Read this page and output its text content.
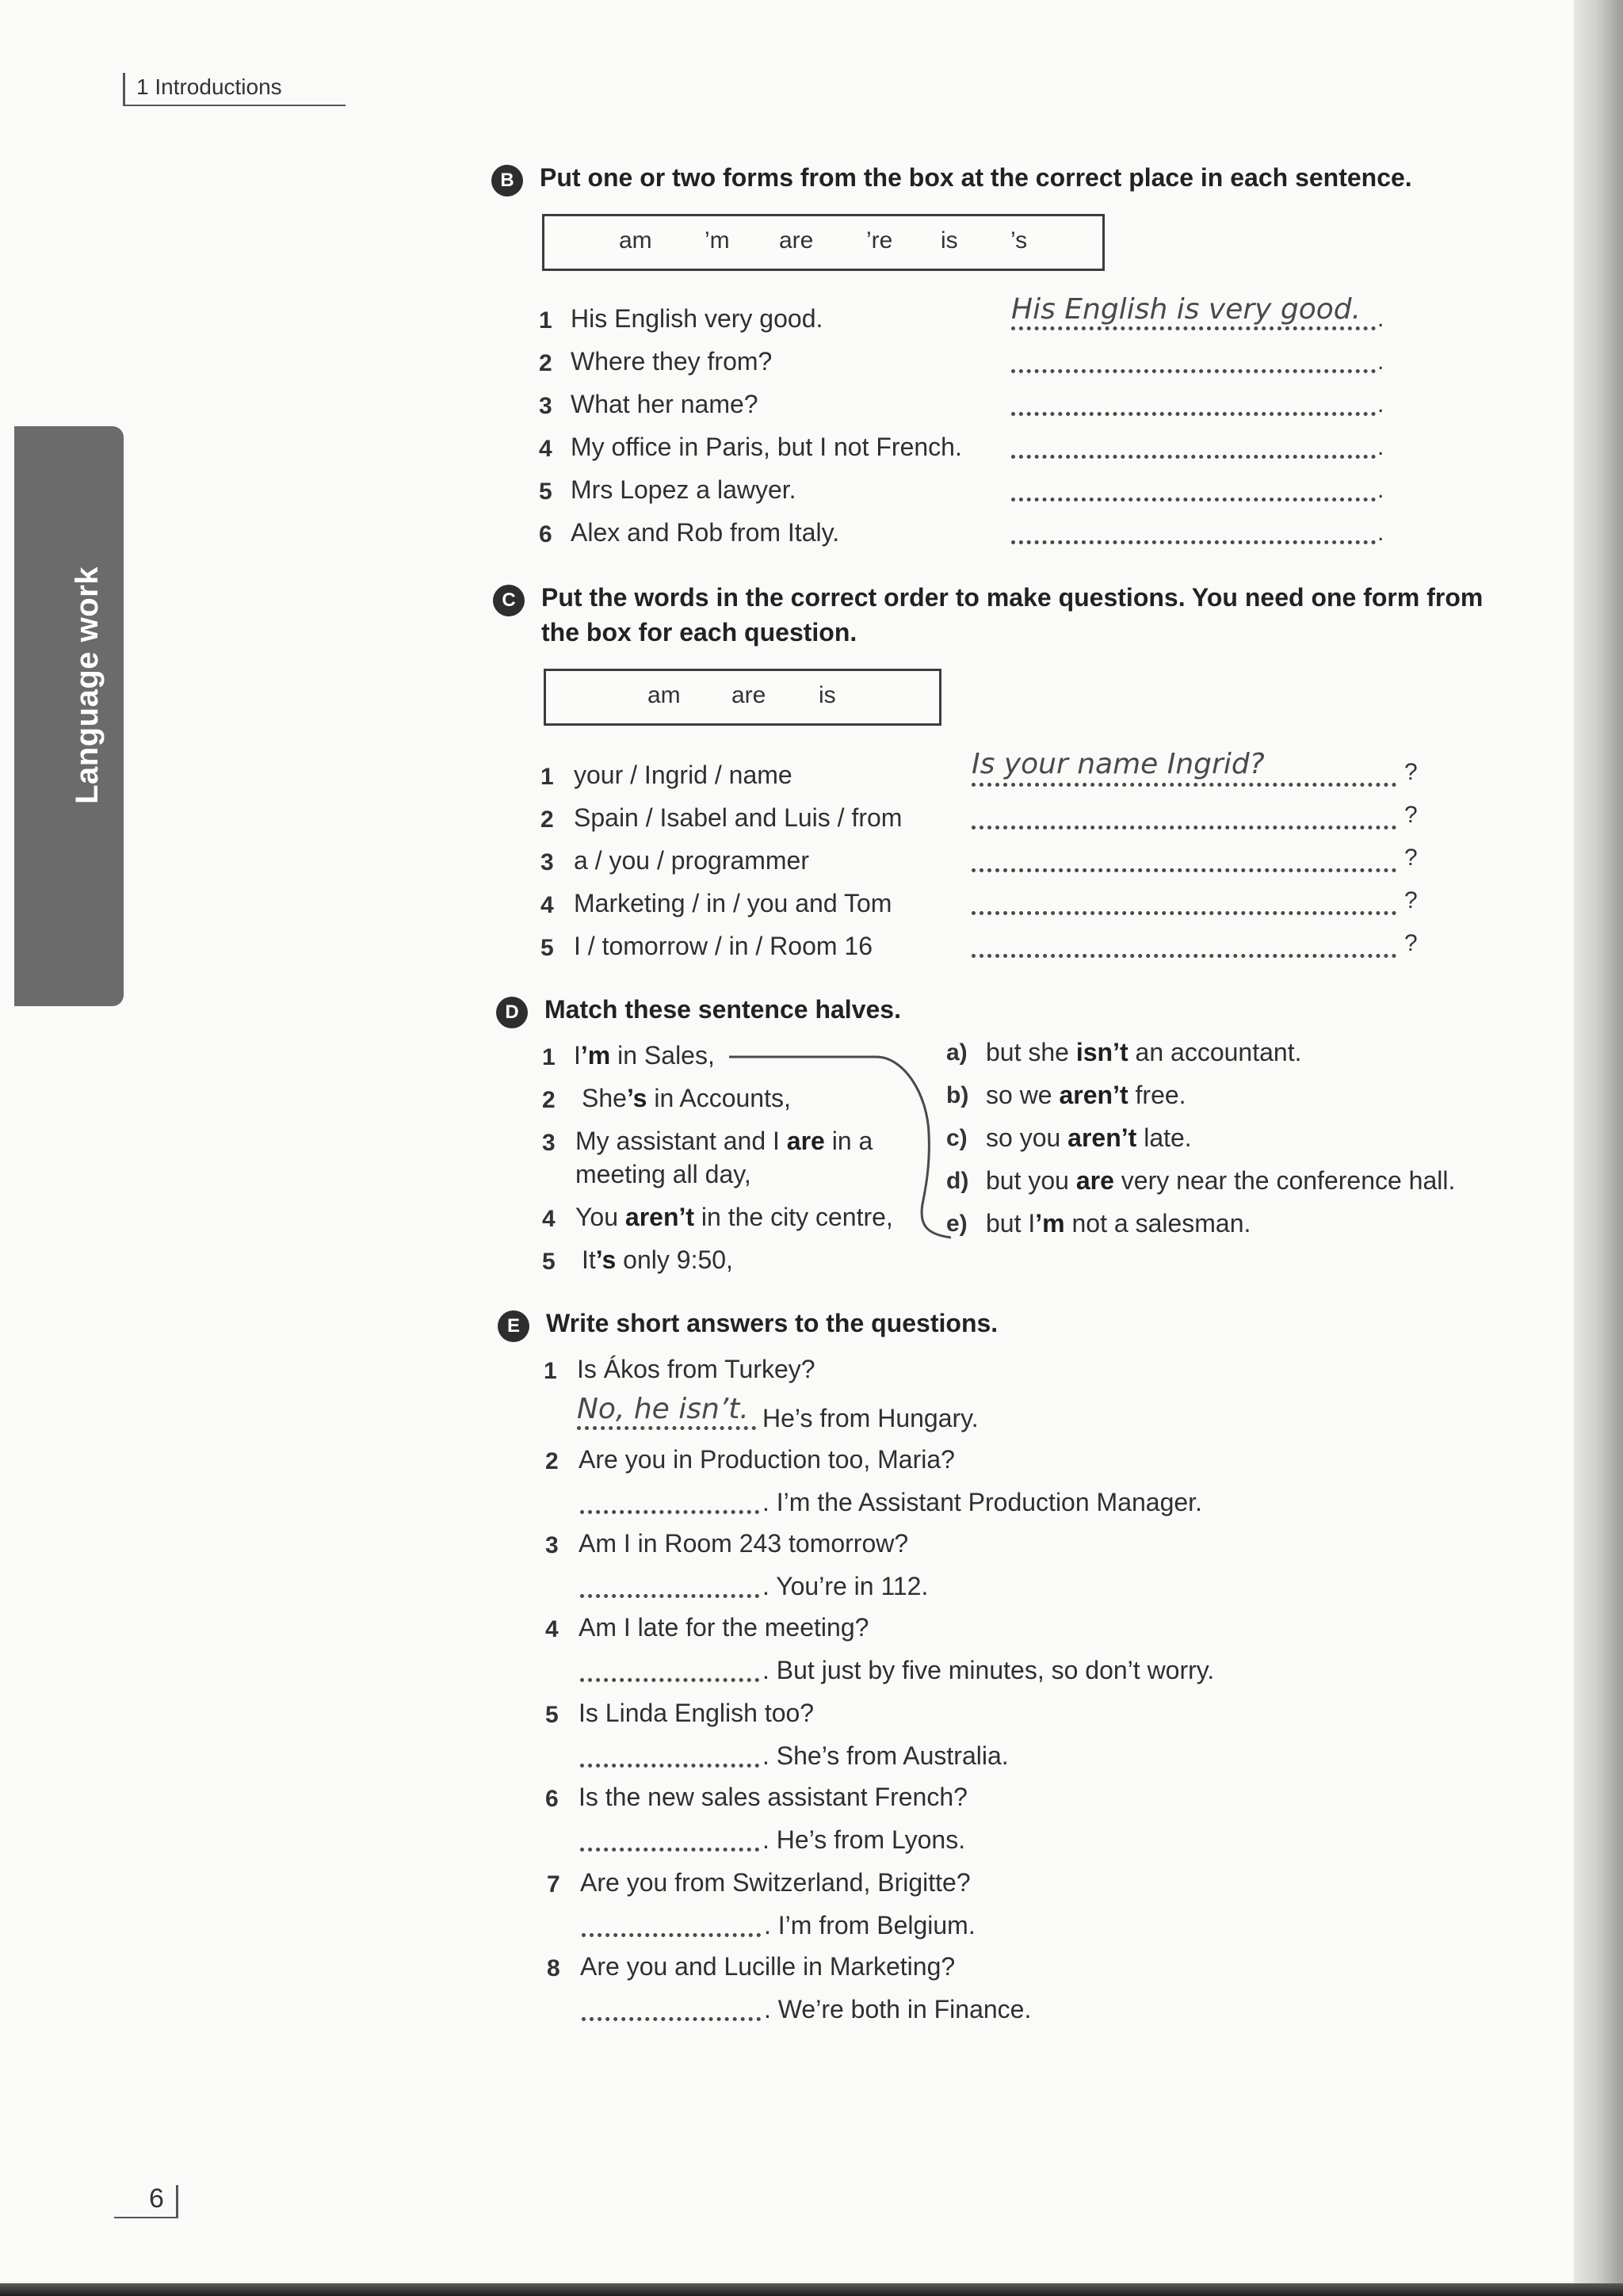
1 Introductions
Language work
B	Put one or two forms from the box at the correct place in each sentence.
am ’m are ’re is ’s
1 His English very good.	His English is very good. .
2 Where they from?	.
3 What her name?	.
4 My office in Paris, but I not French.	.
5 Mrs Lopez a lawyer.	.
6 Alex and Rob from Italy.	.
C	Put the words in the correct order to make questions. You need one form from
the box for each question.
am are is
1 your / Ingrid / name	Is your name Ingrid?	?
2 Spain / Isabel and Luis / from	?
3 a / you / programmer	?
4 Marketing / in / you and Tom	?
5 I / tomorrow / in / Room 16	?
D	Match these sentence halves.
1 I’m in Sales,
2 She’s in Accounts,
3 My assistant and I are in a
meeting all day,
4 You aren’t in the city centre,
5 It’s only 9:50,
a) but she isn’t an accountant.
b) so we aren’t free.
c) so you aren’t late.
d) but you are very near the conference hall.
e) but I’m not a salesman.
E	Write short answers to the questions.
1 Is Ákos from Turkey?
No, he isn’t. He’s from Hungary.
2 Are you in Production too, Maria?
. I’m the Assistant Production Manager.
3 Am I in Room 243 tomorrow?
. You’re in 112.
4 Am I late for the meeting?
. But just by five minutes, so don’t worry.
5 Is Linda English too?
. She’s from Australia.
6 Is the new sales assistant French?
. He’s from Lyons.
7 Are you from Switzerland, Brigitte?
. I’m from Belgium.
8 Are you and Lucille in Marketing?
. We’re both in Finance.
6
